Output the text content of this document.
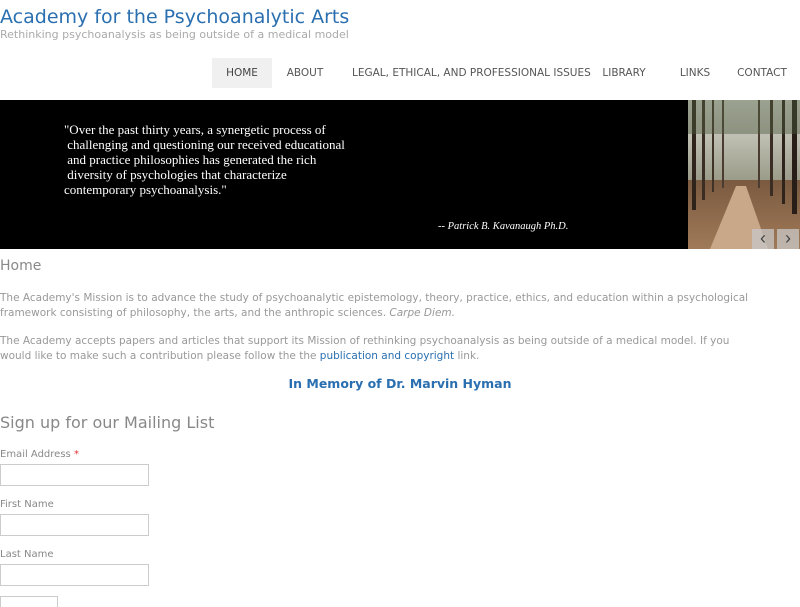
Academy for the Psychoanalytic Arts
Rethinking psychoanalysis as being outside of a medical model
HOME	ABOUT	LEGAL, ETHICAL, AND PROFESSIONAL ISSUES	LIBRARY	LINKS	CONTACT
"Over the past thirty years, a synergetic process of
challenging and questioning our received educational
and practice philosophies has generated the rich
diversity of psychologies that characterize
contemporary psychoanalysis."
-- Patrick B. Kavanaugh Ph.D.
‹	›
Home
The Academy's Mission is to advance the study of psychoanalytic epistemology, theory, practice, ethics, and education within a psychological framework consisting of philosophy, the arts, and the anthropic sciences. Carpe Diem.
The Academy accepts papers and articles that support its Mission of rethinking psychoanalysis as being outside of a medical model. If you would like to make such a contribution please follow the the publication and copyright link.
In Memory of Dr. Marvin Hyman
Sign up for our Mailing List
Email Address *
First Name
Last Name
